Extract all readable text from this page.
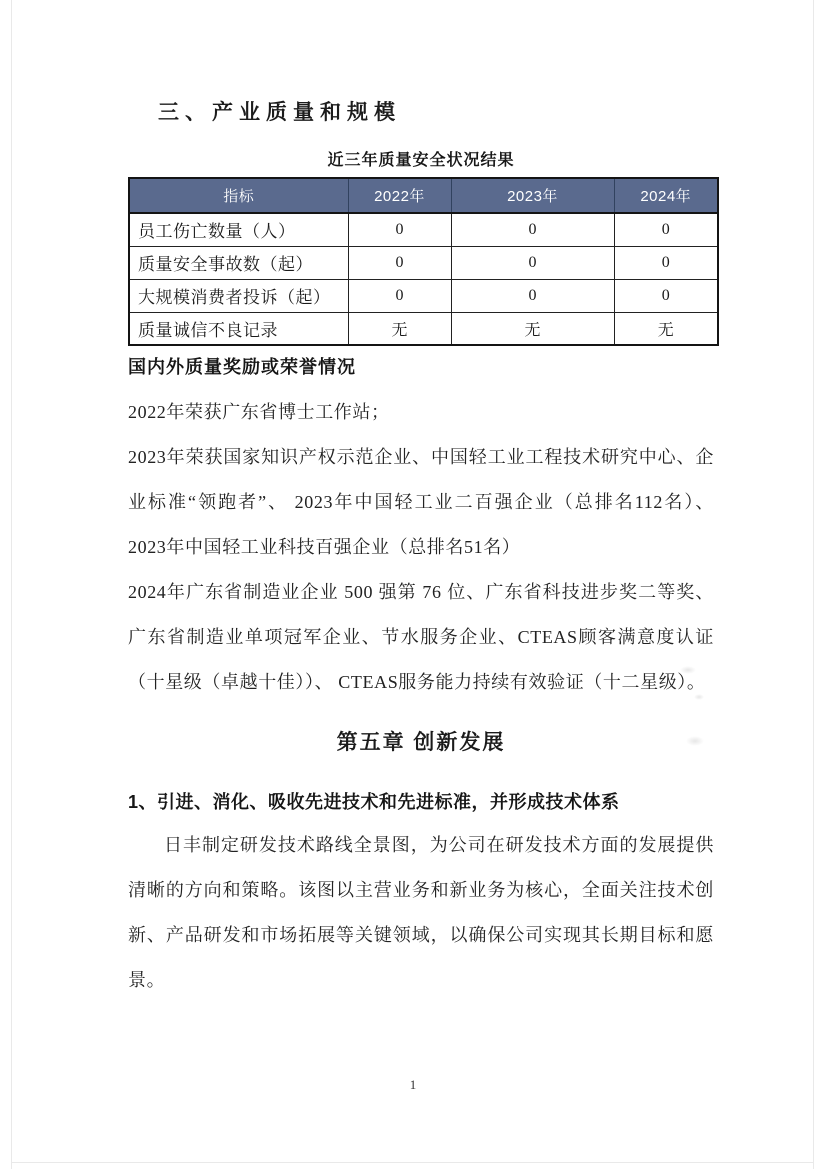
三、产业质量和规模
近三年质量安全状况结果
指标	2022年	2023年	2024年
员工伤亡数量（人）	0	0	0
质量安全事故数（起）	0	0	0
大规模消费者投诉（起）	0	0	0
质量诚信不良记录	无	无	无
国内外质量奖励或荣誉情况

2022年荣获广东省博士工作站；

2023年荣获国家知识产权示范企业、中国轻工业工程技术研究中心、企业标准“领跑者”、 2023年中国轻工业二百强企业（总排名112名）、 2023年中国轻工业科技百强企业（总排名51名）

2024年广东省制造业企业 500 强第 76 位、广东省科技进步奖二等奖、广东省制造业单项冠军企业、节水服务企业、CTEAS顾客满意度认证（十星级（卓越十佳））、 CTEAS服务能力持续有效验证（十二星级）。

第五章 创新发展
1、引进、消化、吸收先进技术和先进标准，并形成技术体系

日丰制定研发技术路线全景图，为公司在研发技术方面的发展提供清晰的方向和策略。该图以主营业务和新业务为核心，全面关注技术创新、产品研发和市场拓展等关键领域，以确保公司实现其长期目标和愿景。

1
